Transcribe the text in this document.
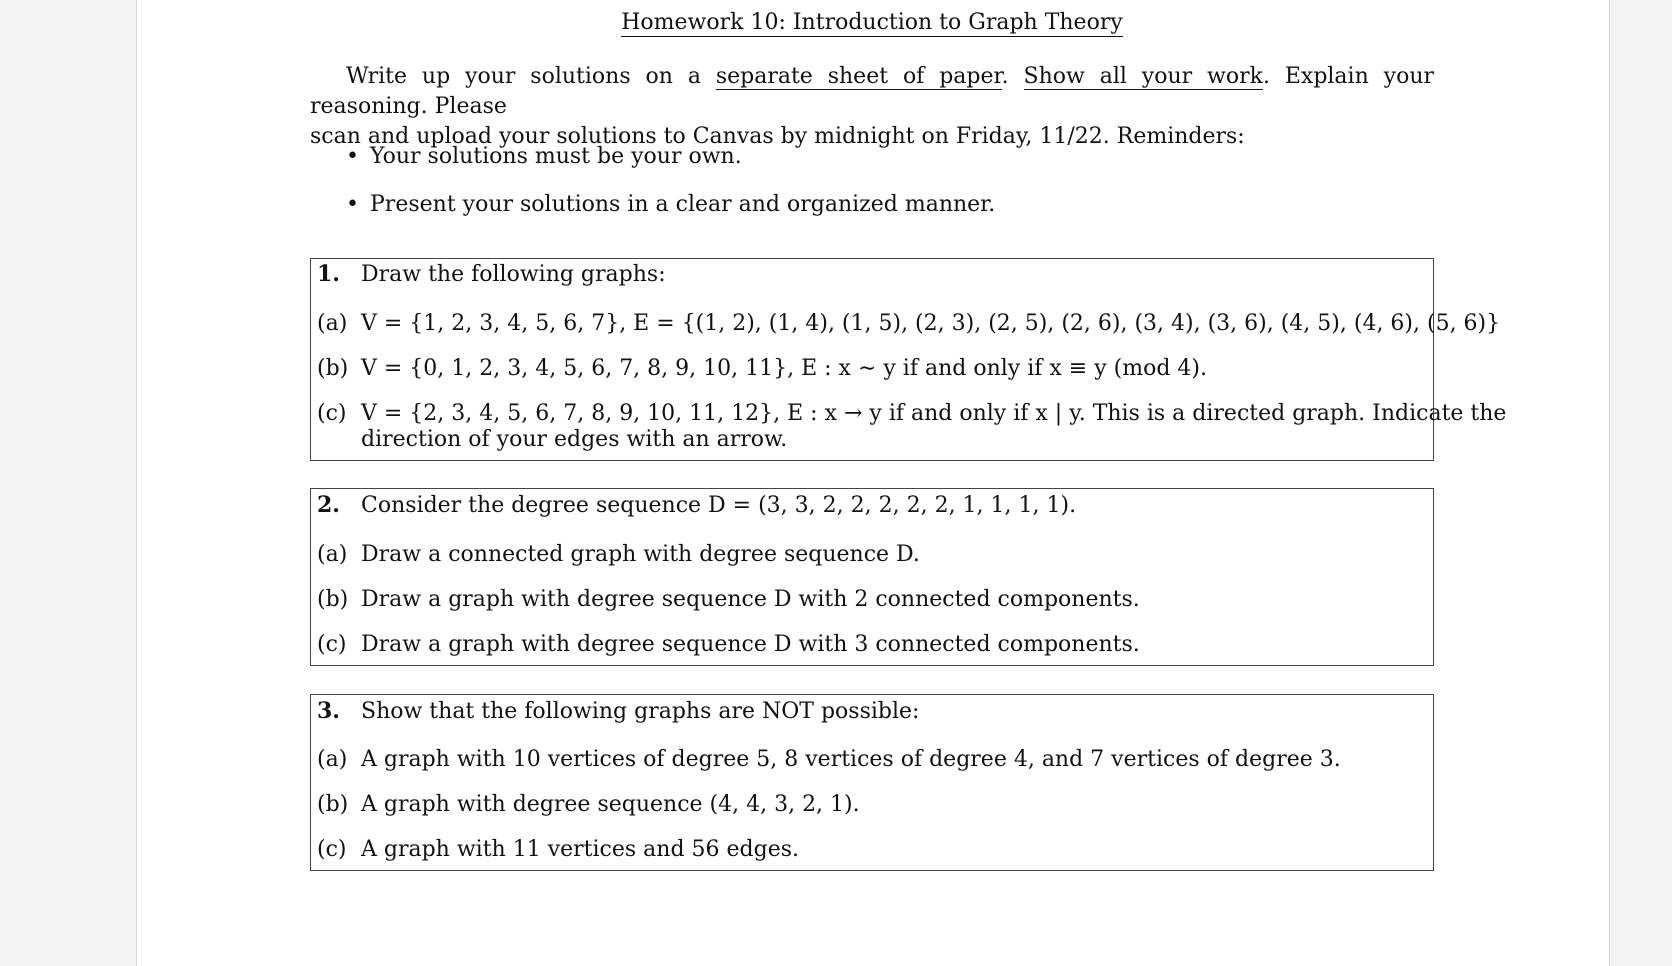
Homework 10: Introduction to Graph Theory
Write up your solutions on a separate sheet of paper. Show all your work. Explain your reasoning. Please
scan and upload your solutions to Canvas by midnight on Friday, 11/22. Reminders:
• Your solutions must be your own.
• Present your solutions in a clear and organized manner.
1. Draw the following graphs:
(a) V = {1, 2, 3, 4, 5, 6, 7}, E = {(1, 2), (1, 4), (1, 5), (2, 3), (2, 5), (2, 6), (3, 4), (3, 6), (4, 5), (4, 6), (5, 6)}
(b) V = {0, 1, 2, 3, 4, 5, 6, 7, 8, 9, 10, 11}, E : x ∼ y if and only if x ≡ y (mod 4).
(c) V = {2, 3, 4, 5, 6, 7, 8, 9, 10, 11, 12}, E : x → y if and only if x | y. This is a directed graph. Indicate the
direction of your edges with an arrow.
2. Consider the degree sequence D = (3, 3, 2, 2, 2, 2, 2, 1, 1, 1, 1).
(a) Draw a connected graph with degree sequence D.
(b) Draw a graph with degree sequence D with 2 connected components.
(c) Draw a graph with degree sequence D with 3 connected components.
3. Show that the following graphs are NOT possible:
(a) A graph with 10 vertices of degree 5, 8 vertices of degree 4, and 7 vertices of degree 3.
(b) A graph with degree sequence (4, 4, 3, 2, 1).
(c) A graph with 11 vertices and 56 edges.
